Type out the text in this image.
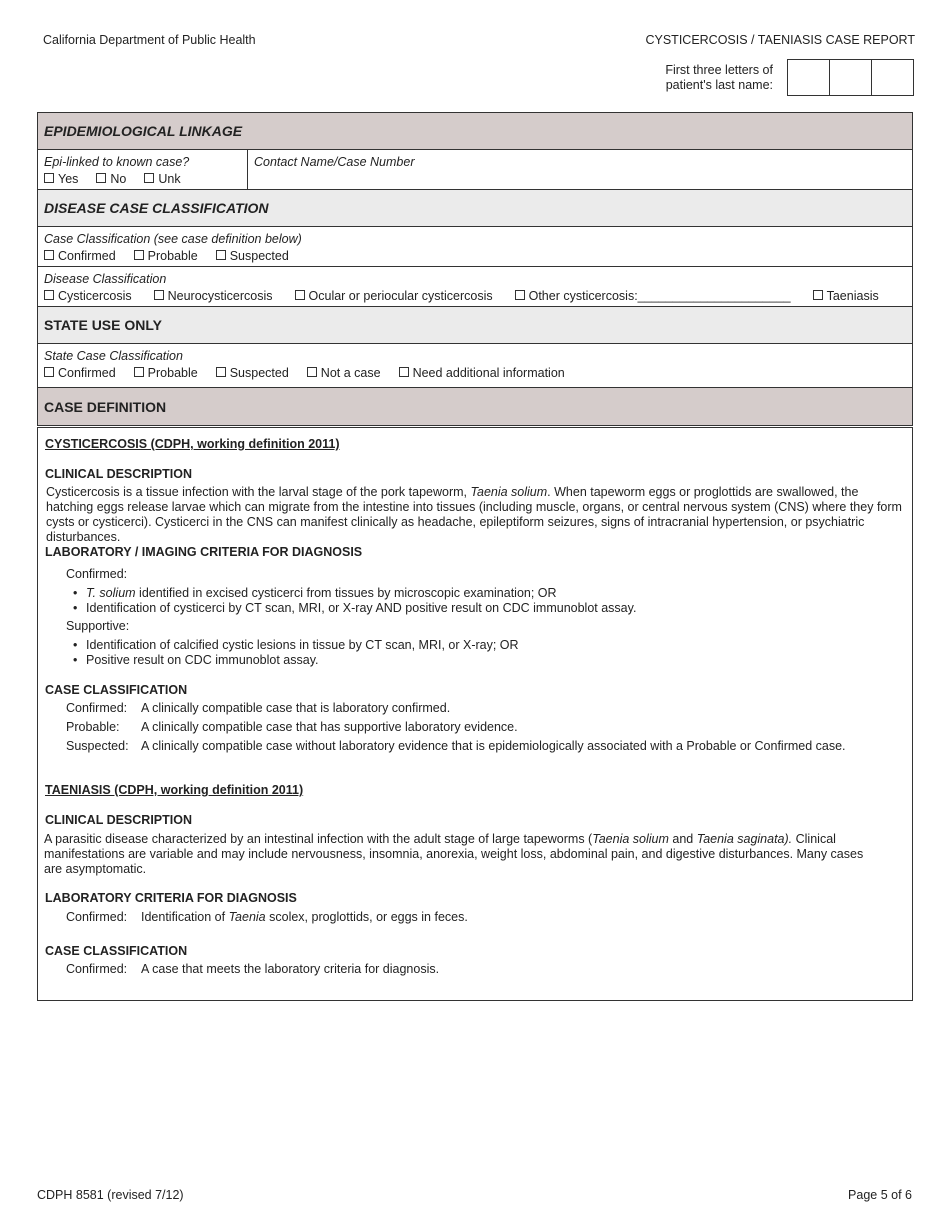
California Department of Public Health	CYSTICERCOSIS / TAENIASIS CASE REPORT
First three letters of
patient's last name:
EPIDEMIOLOGICAL LINKAGE
Epi-linked to known case?
Yes	No	Unk
Contact Name/Case Number
DISEASE CASE CLASSIFICATION
Case Classification (see case definition below)
Confirmed	Probable	Suspected
Disease Classification
Cysticercosis	Neurocysticercosis	Ocular or periocular cysticercosis	Other cysticercosis:______________________	Taeniasis
STATE USE ONLY
State Case Classification
Confirmed	Probable	Suspected	Not a case	Need additional information
CASE DEFINITION
CYSTICERCOSIS (CDPH, working definition 2011)
CLINICAL DESCRIPTION
Cysticercosis is a tissue infection with the larval stage of the pork tapeworm, Taenia solium. When tapeworm eggs or proglottids are swallowed, the hatching eggs release larvae which can migrate from the intestine into tissues (including muscle, organs, or central nervous system (CNS) where they form cysts or cysticerci). Cysticerci in the CNS can manifest clinically as headache, epileptiform seizures, signs of intracranial hypertension, or psychiatric disturbances.
LABORATORY / IMAGING CRITERIA FOR DIAGNOSIS
Confirmed:
• T. solium identified in excised cysticerci from tissues by microscopic examination; OR
• Identification of cysticerci by CT scan, MRI, or X-ray AND positive result on CDC immunoblot assay.
Supportive:
• Identification of calcified cystic lesions in tissue by CT scan, MRI, or X-ray; OR
• Positive result on CDC immunoblot assay.
CASE CLASSIFICATION
Confirmed: A clinically compatible case that is laboratory confirmed.
Probable: A clinically compatible case that has supportive laboratory evidence.
Suspected: A clinically compatible case without laboratory evidence that is epidemiologically associated with a Probable or Confirmed case.
TAENIASIS (CDPH, working definition 2011)
CLINICAL DESCRIPTION
A parasitic disease characterized by an intestinal infection with the adult stage of large tapeworms (Taenia solium and Taenia saginata). Clinical manifestations are variable and may include nervousness, insomnia, anorexia, weight loss, abdominal pain, and digestive disturbances. Many cases are asymptomatic.
LABORATORY CRITERIA FOR DIAGNOSIS
Confirmed: Identification of Taenia scolex, proglottids, or eggs in feces.
CASE CLASSIFICATION
Confirmed: A case that meets the laboratory criteria for diagnosis.
CDPH 8581 (revised 7/12)	Page 5 of 6
